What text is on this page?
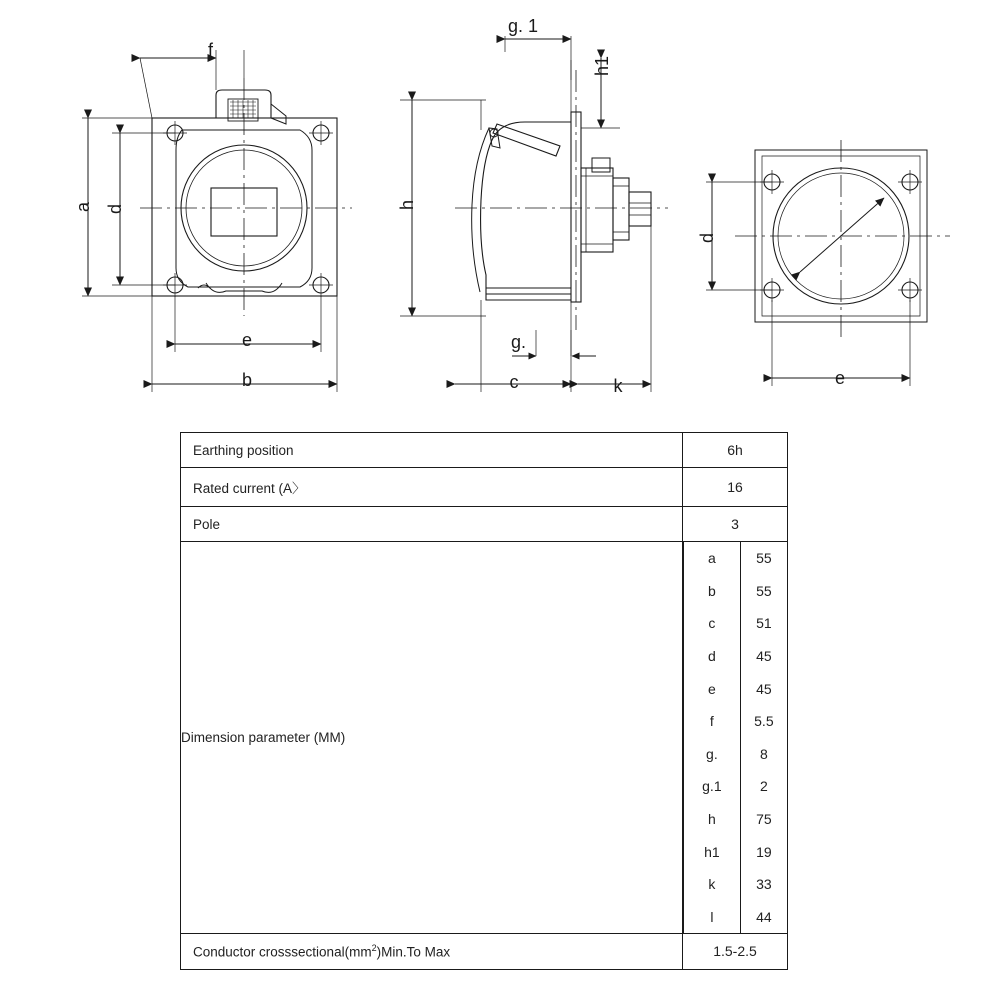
f
a d
e
b
g. 1
h1
h
g.
c	k
d
e
Earthing position	6h
Rated current (A〉	16
Pole	3
Dimension parameter (MM)	
a	55
b	55
c	51
d	45
e	45
f	5.5
g.	8
g.1	2
h	75
h1	19
k	33
l	44

Conductor $crosssectional(mm^2)Min.To$ Max	1.5-2.5
